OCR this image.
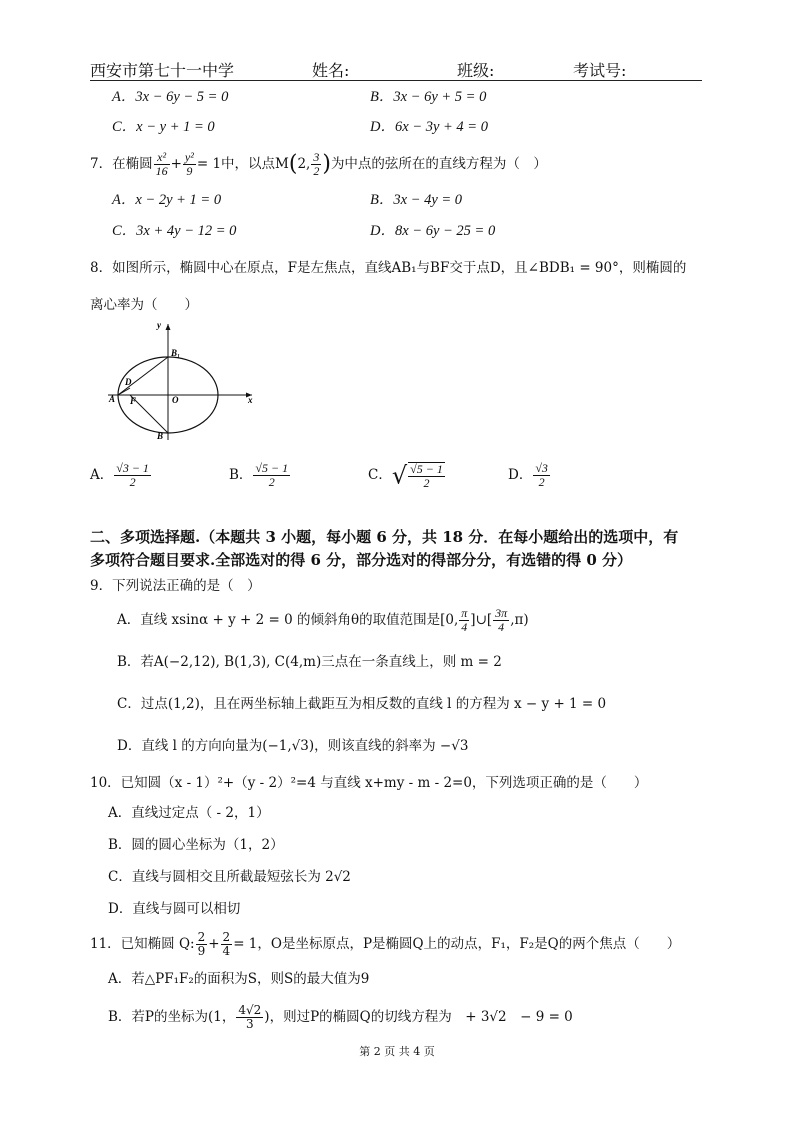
西安市第七十一中学	姓名:	班级:	考试号:
A．3x − 6y − 5 = 0	B．3x − 6y + 5 = 0
C．x − y + 1 = 0	D．6x − 3y + 4 = 0
7．在椭圆 $\frac{\text{x²}}{16} + \frac{\text{y²}}{9} = 1$中，以点M(2, $\frac{3}{2}$ )为中点的弦所在的直线方程为（　）
A．x − 2y + 1 = 0	B．3x − 4y = 0
C．3x + 4y − 12 = 0	D．8x − 6y − 25 = 0
8．如图所示，椭圆中心在原点，F是左焦点，直线AB₁与BF交于点D，且∠BDB₁ = 90°，则椭圆的
离心率为（　　）
y
x
B₁
D
A F	O
B
A． $\frac{√3 - 1}{2}$	B． $\frac{√5 - 1}{2}$	C．√ $\frac{√5 - 1}{2}$	D． $\frac{√3}{2}$
二、多项选择题.（本题共 3 小题，每小题 6 分，共 18 分．在每小题给出的选项中，有
多项符合题目要求.全部选对的得 6 分，部分选对的得部分分，有选错的得 0 分）
9．下列说法正确的是（　）
A．直线 xsinα + y + 2 = 0 的倾斜角θ的取值范围是[0, $\frac{\pi}{4}$ ]∪[ $\frac{3\pi}{4} ,\pi$)
B．若A(−2,12), B(1,3), C(4,m)三点在一条直线上，则 m = 2
C．过点(1,2)，且在两坐标轴上截距互为相反数的直线 l 的方程为 x − y + 1 = 0
D．直线 l 的方向向量为(−1,√3)，则该直线的斜率为 −√3
10．已知圆（x - 1）²+（y - 2）²=4 与直线 x+my - m - 2=0，下列选项正确的是（　　）
A．直线过定点（ - 2，1）
B．圆的圆心坐标为（1，2）
C．直线与圆相交且所截最短弦长为 2√2
D．直线与圆可以相切
11．已知椭圆 Q: $\frac{2}{9} + \frac{2}{4} = 1$，O是坐标原点，P是椭圆Q上的动点，F₁，F₂是Q的两个焦点（　　）
A．若△PF₁F₂的面积为S，则S的最大值为9
B．若P的坐标为(1， $\frac{4√2}{3}$ )，则过P的椭圆Q的切线方程为　+ 3√2　− 9 = 0
第 2 页 共 4 页
